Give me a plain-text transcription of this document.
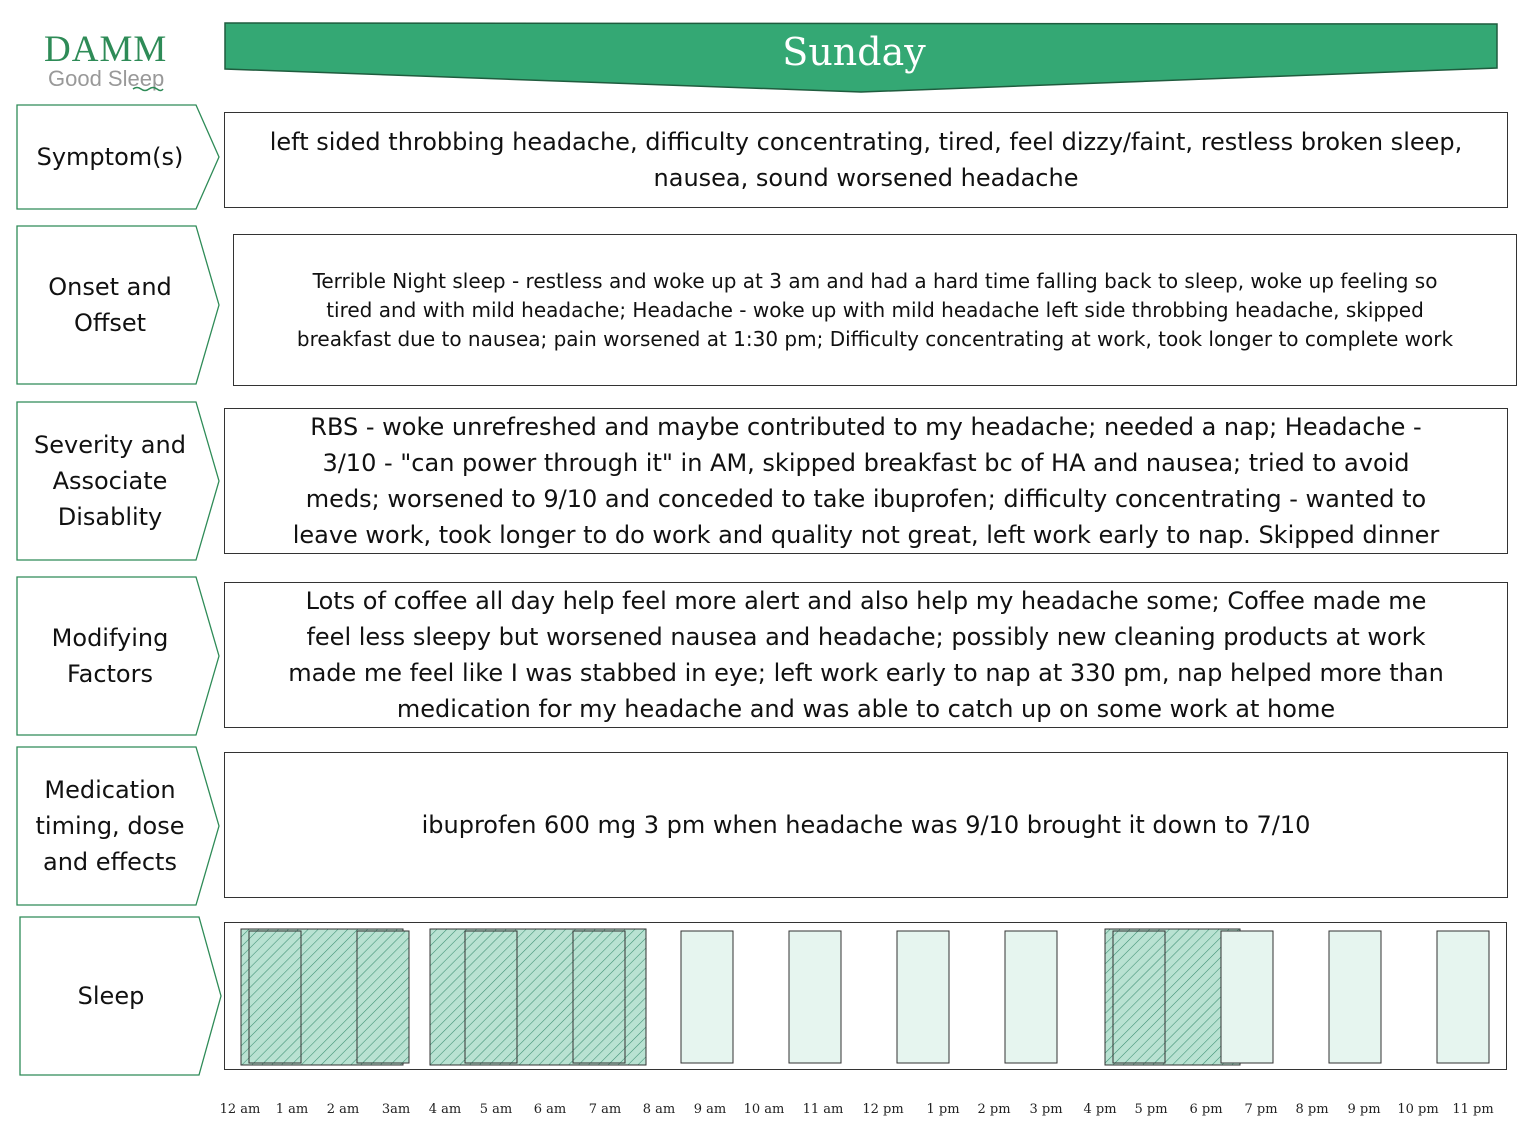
DAMM
Good Sleep
Sunday
Symptom(s)
Onset and Offset
Severity and Associate Disablity
Modifying Factors
Medication timing, dose and effects
Sleep
left sided throbbing headache, difficulty concentrating, tired, feel dizzy/faint, restless broken sleep, nausea, sound worsened headache
Terrible Night sleep - restless and woke up at 3 am and had a hard time falling back to sleep, woke up feeling so tired and with mild headache; Headache - woke up with mild headache left side throbbing headache, skipped breakfast due to nausea; pain worsened at 1:30 pm; Difficulty concentrating at work, took longer to complete work
RBS - woke unrefreshed and maybe contributed to my headache; needed a nap; Headache - 3/10 - "can power through it" in AM, skipped breakfast bc of HA and nausea; tried to avoid meds; worsened to 9/10 and conceded to take ibuprofen; difficulty concentrating - wanted to leave work, took longer to do work and quality not great, left work early to nap. Skipped dinner
Lots of coffee all day help feel more alert and also help my headache some; Coffee made me feel less sleepy but worsened nausea and headache; possibly new cleaning products at work made me feel like I was stabbed in eye; left work early to nap at 330 pm, nap helped more than medication for my headache and was able to catch up on some work at home
ibuprofen 600 mg 3 pm when headache was 9/10 brought it down to 7/10
12 am 1 am 2 am 3am 4 am 5 am 6 am 7 am 8 am 9 am 10 am 11 am 12 pm 1 pm 2 pm 3 pm 4 pm 5 pm 6 pm 7 pm 8 pm 9 pm 10 pm 11 pm
